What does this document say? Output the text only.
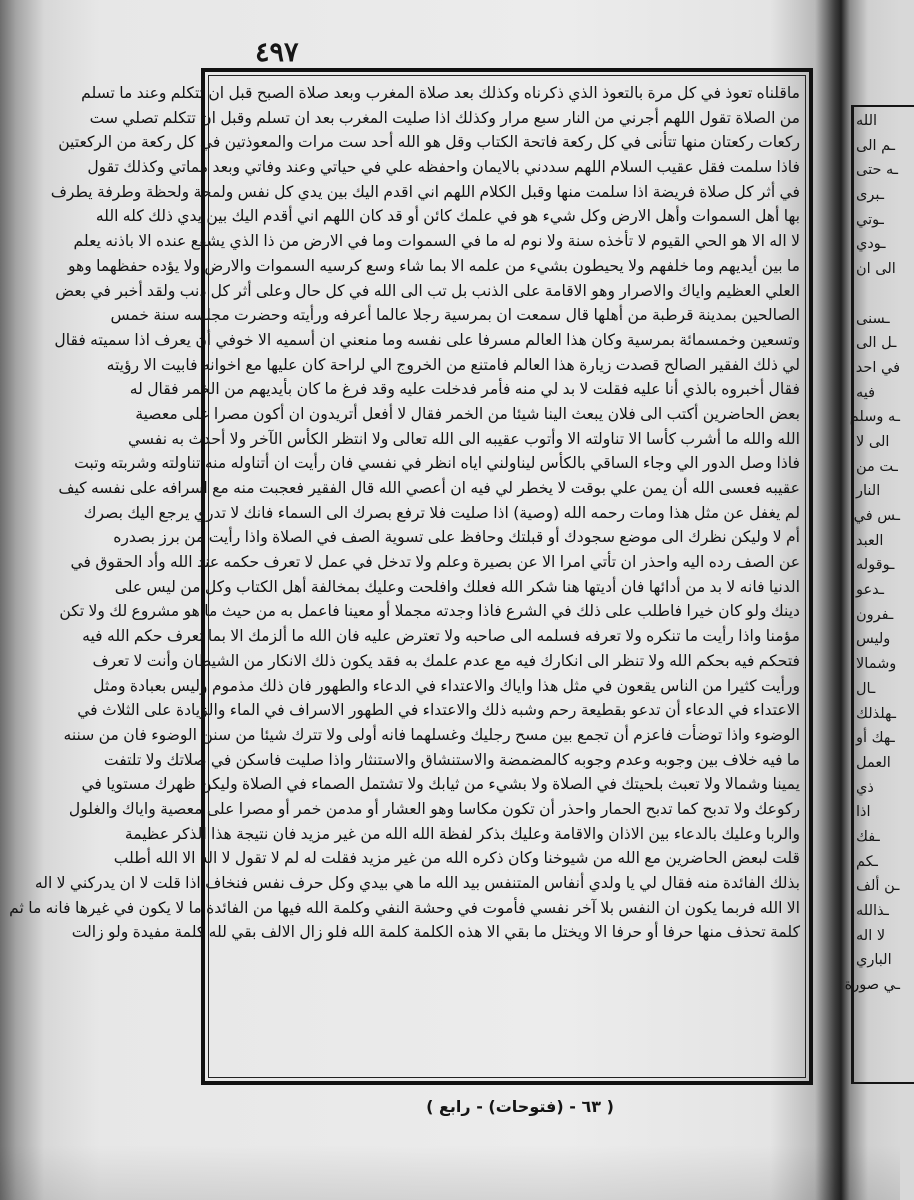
٤٩٧

ماقلناه تعوذ في كل مرة بالتعوذ الذي ذكرناه وكذلك بعد صلاة المغرب وبعد صلاة الصبح قبل ان تتكلم وعند ما تسلم
من الصلاة تقول اللهم أجرني من النار سبع مرار وكذلك اذا صليت المغرب بعد ان تسلم وقبل ان تتكلم تصلي ست
ركعات ركعتان منها تتأنى في كل ركعة فاتحة الكتاب وقل هو الله أحد ست مرات والمعوذتين في كل ركعة من الركعتين
فاذا سلمت فقل عقيب السلام اللهم سددني بالايمان واحفظه علي في حياتي وعند وفاتي وبعد مماتي وكذلك تقول
في أثر كل صلاة فريضة اذا سلمت منها وقبل الكلام اللهم اني اقدم اليك بين يدي كل نفس ولمحة ولحظة وطرفة يطرف
بها أهل السموات وأهل الارض وكل شيء هو في علمك كائن أو قد كان اللهم اني أقدم اليك بين يدي ذلك كله الله
لا اله الا هو الحي القيوم لا تأخذه سنة ولا نوم له ما في السموات وما في الارض من ذا الذي يشفع عنده الا باذنه يعلم
ما بين أيديهم وما خلفهم ولا يحيطون بشيء من علمه الا بما شاء وسع كرسيه السموات والارض ولا يؤده حفظهما وهو
العلي العظيم واياك والاصرار وهو الاقامة على الذنب بل تب الى الله في كل حال وعلى أثر كل ذنب ولقد أخبر في بعض
الصالحين بمدينة قرطبة من أهلها قال سمعت ان بمرسية رجلا عالما أعرفه ورأيته وحضرت مجلسه سنة خمس
وتسعين وخمسمائة بمرسية وكان هذا العالم مسرفا على نفسه وما منعني ان أسميه الا خوفي أن يعرف اذا سميته فقال
لي ذلك الفقير الصالح قصدت زيارة هذا العالم فامتنع من الخروج الي لراحة كان عليها مع اخوانه فابيت الا رؤيته
فقال أخبروه بالذي أنا عليه فقلت لا بد لي منه فأمر فدخلت عليه وقد فرغ ما كان بأيديهم من الخمر فقال له
بعض الحاضرين أكتب الى فلان يبعث الينا شيئا من الخمر فقال لا أفعل أتريدون ان أكون مصرا على معصية
الله والله ما أشرب كأسا الا تناولته الا وأتوب عقيبه الى الله تعالى ولا انتظر الكأس الآخر ولا أحدث به نفسي
فاذا وصل الدور الي وجاء الساقي بالكأس ليناولني اياه انظر في نفسي فان رأيت ان أتناوله منه تناولته وشربته وتبت
عقيبه فعسى الله أن يمن علي بوقت لا يخطر لي فيه ان أعصي الله قال الفقير فعجبت منه مع اسرافه على نفسه كيف
لم يغفل عن مثل هذا ومات رحمه الله (وصية) اذا صليت فلا ترفع بصرك الى السماء فانك لا تدري يرجع اليك بصرك
أم لا وليكن نظرك الى موضع سجودك أو قبلتك وحافظ على تسوية الصف في الصلاة واذا رأيت من برز بصدره
عن الصف رده اليه واحذر ان تأتي امرا الا عن بصيرة وعلم ولا تدخل في عمل لا تعرف حكمه عند الله وأد الحقوق في
الدنيا فانه لا بد من أدائها فان أديتها هنا شكر الله فعلك وافلحت وعليك بمخالفة أهل الكتاب وكل من ليس على
دينك ولو كان خيرا فاطلب على ذلك في الشرع فاذا وجدته مجملا أو معينا فاعمل به من حيث ما هو مشروع لك ولا تكن
مؤمنا واذا رأيت ما تنكره ولا تعرفه فسلمه الى صاحبه ولا تعترض عليه فان الله ما ألزمك الا بما تعرف حكم الله فيه
فتحكم فيه بحكم الله ولا تنظر الى انكارك فيه مع عدم علمك به فقد يكون ذلك الانكار من الشيطان وأنت لا تعرف
ورأيت كثيرا من الناس يقعون في مثل هذا واياك والاعتداء في الدعاء والطهور فان ذلك مذموم وليس بعبادة ومثل
الاعتداء في الدعاء أن تدعو بقطيعة رحم وشبه ذلك والاعتداء في الطهور الاسراف في الماء والزيادة على الثلاث في
الوضوء واذا توضأت فاعزم أن تجمع بين مسح رجليك وغسلهما فانه أولى ولا تترك شيئا من سنن الوضوء فان من سننه
ما فيه خلاف بين وجوبه وعدم وجوبه كالمضمضة والاستنشاق والاستنثار واذا صليت فاسكن في صلاتك ولا تلتفت
يمينا وشمالا ولا تعبث بلحيتك في الصلاة ولا بشيء من ثيابك ولا تشتمل الصماء في الصلاة وليكن ظهرك مستويا في
ركوعك ولا تدبح كما تدبح الحمار واحذر أن تكون مكاسا وهو العشار أو مدمن خمر أو مصرا على معصية واياك والغلول
والربا وعليك بالدعاء بين الاذان والاقامة وعليك بذكر لفظة الله الله من غير مزيد فان نتيجة هذا الذكر عظيمة
قلت لبعض الحاضرين مع الله من شيوخنا وكان ذكره الله من غير مزيد فقلت له لم لا تقول لا اله الا الله أطلب
بذلك الفائدة منه فقال لي يا ولدي أنفاس المتنفس بيد الله ما هي بيدي وكل حرف نفس فنخاف اذا قلت لا ان يدركني لا اله
الا الله فربما يكون ان النفس بلا آخر نفسي فأموت في وحشة النفي وكلمة الله فيها من الفائدة ما لا يكون في غيرها فانه ما ثم
كلمة تحذف منها حرفا أو حرفا الا ويختل ما بقي الا هذه الكلمة كلمة الله فلو زال الالف بقي لله كلمة مفيدة ولو زالت

( ٦٣ - (فتوحات) - رابع )

الله
ـم الى
ـه حتى
ـبرى
ـوتي
ـودي
الى ان
ـسنى
ـل الى
في احد
فيه
ـه وسلم
الى لا
ـت من
النار
ـس في
العبد
ـوقوله
ـدعو
ـفرون
وليس
وشمالا
ـال
ـهلذلك
ـهك أو
العمل
ذي
اذا
ـفك
ـكم
ـن ألف
ـذالله
لا اله
الباري
ـي صورة
